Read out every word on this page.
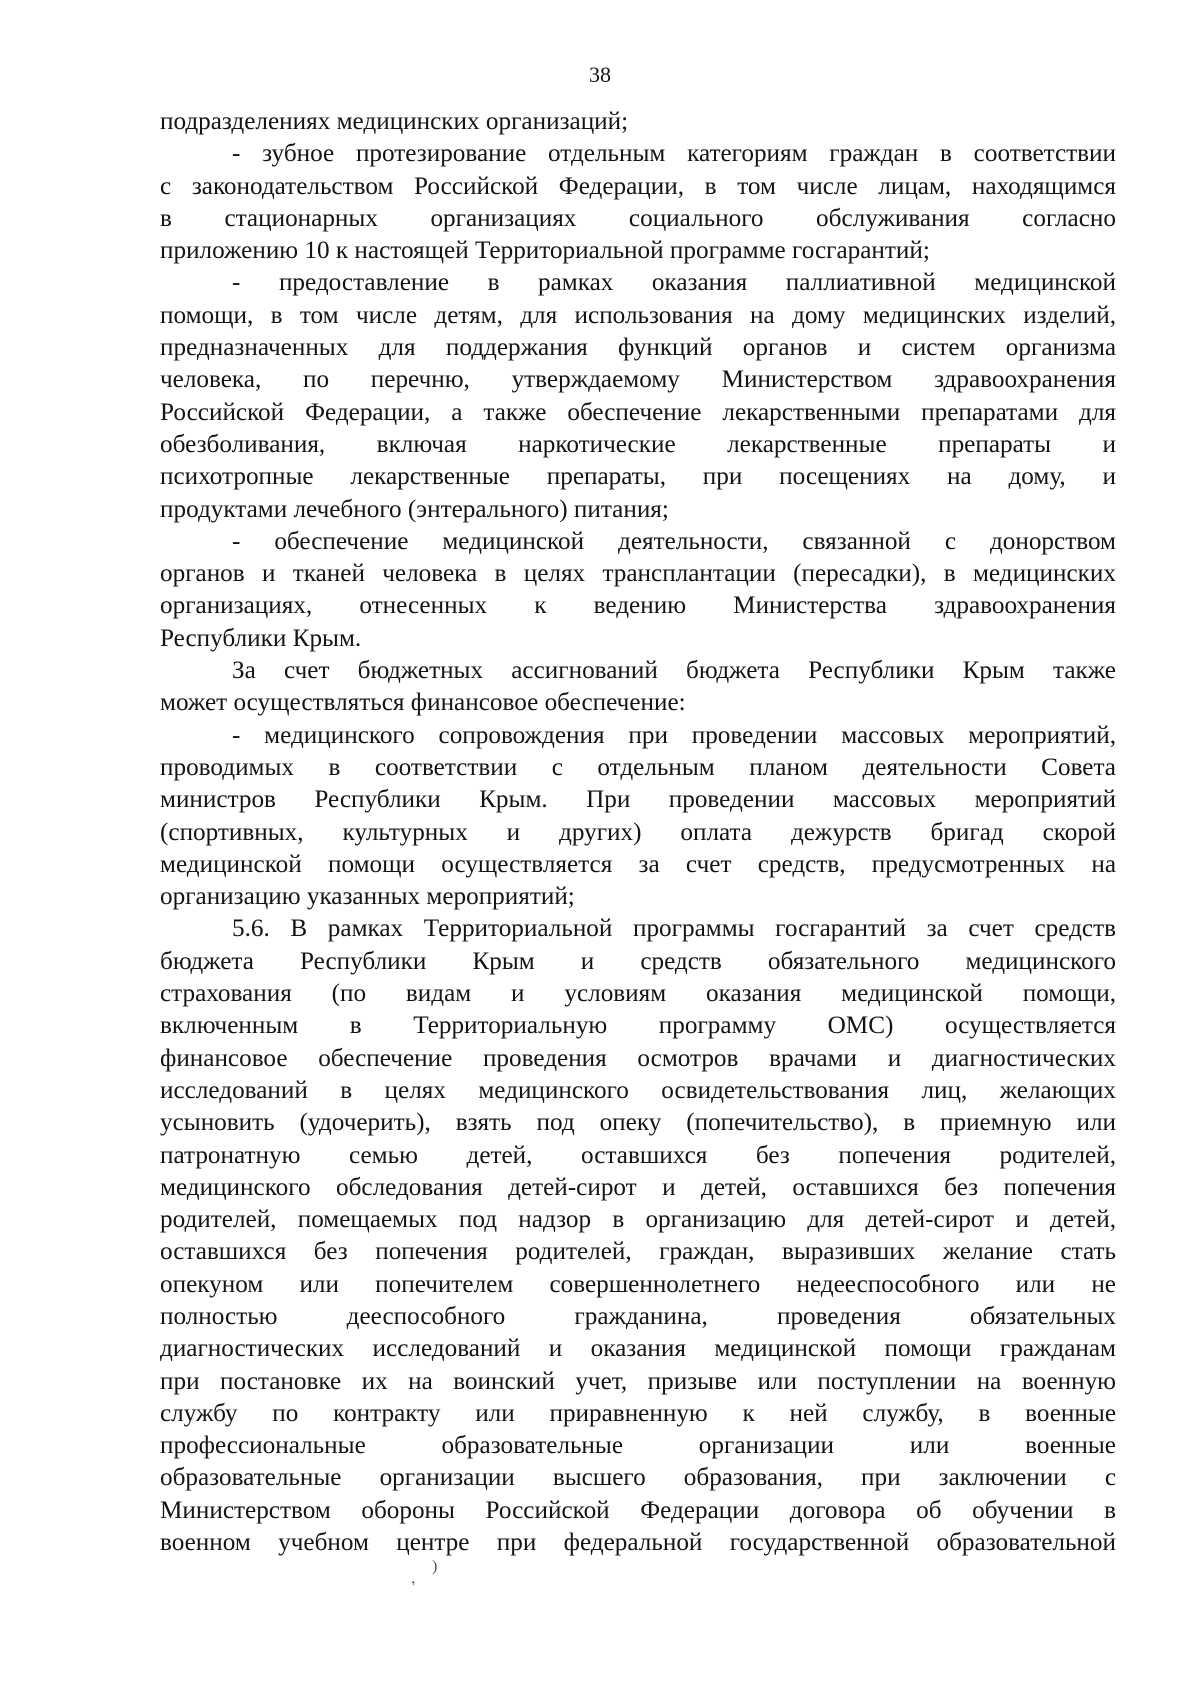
38
подразделениях медицинских организаций;
- зубное протезирование отдельным категориям граждан в соответствии
с законодательством Российской Федерации, в том числе лицам, находящимся
в стационарных организациях социального обслуживания согласно
приложению 10 к настоящей Территориальной программе госгарантий;
- предоставление в рамках оказания паллиативной медицинской
помощи, в том числе детям, для использования на дому медицинских изделий,
предназначенных для поддержания функций органов и систем организма
человека, по перечню, утверждаемому Министерством здравоохранения
Российской Федерации, а также обеспечение лекарственными препаратами для
обезболивания, включая наркотические лекарственные препараты и
психотропные лекарственные препараты, при посещениях на дому, и
продуктами лечебного (энтерального) питания;
- обеспечение медицинской деятельности, связанной с донорством
органов и тканей человека в целях трансплантации (пересадки), в медицинских
организациях, отнесенных к ведению Министерства здравоохранения
Республики Крым.
За счет бюджетных ассигнований бюджета Республики Крым также
может осуществляться финансовое обеспечение:
- медицинского сопровождения при проведении массовых мероприятий,
проводимых в соответствии с отдельным планом деятельности Совета
министров Республики Крым. При проведении массовых мероприятий
(спортивных, культурных и других) оплата дежурств бригад скорой
медицинской помощи осуществляется за счет средств, предусмотренных на
организацию указанных мероприятий;
5.6. В рамках Территориальной программы госгарантий за счет средств
бюджета Республики Крым и средств обязательного медицинского
страхования (по видам и условиям оказания медицинской помощи,
включенным в Территориальную программу ОМС) осуществляется
финансовое обеспечение проведения осмотров врачами и диагностических
исследований в целях медицинского освидетельствования лиц, желающих
усыновить (удочерить), взять под опеку (попечительство), в приемную или
патронатную семью детей, оставшихся без попечения родителей,
медицинского обследования детей-сирот и детей, оставшихся без попечения
родителей, помещаемых под надзор в организацию для детей-сирот и детей,
оставшихся без попечения родителей, граждан, выразивших желание стать
опекуном или попечителем совершеннолетнего недееспособного или не
полностью дееспособного гражданина, проведения обязательных
диагностических исследований и оказания медицинской помощи гражданам
при постановке их на воинский учет, призыве или поступлении на военную
службу по контракту или приравненную к ней службу, в военные
профессиональные образовательные организации или военные
образовательные организации высшего образования, при заключении с
Министерством обороны Российской Федерации договора об обучении в
военном учебном центре при федеральной государственной образовательной
,
)
